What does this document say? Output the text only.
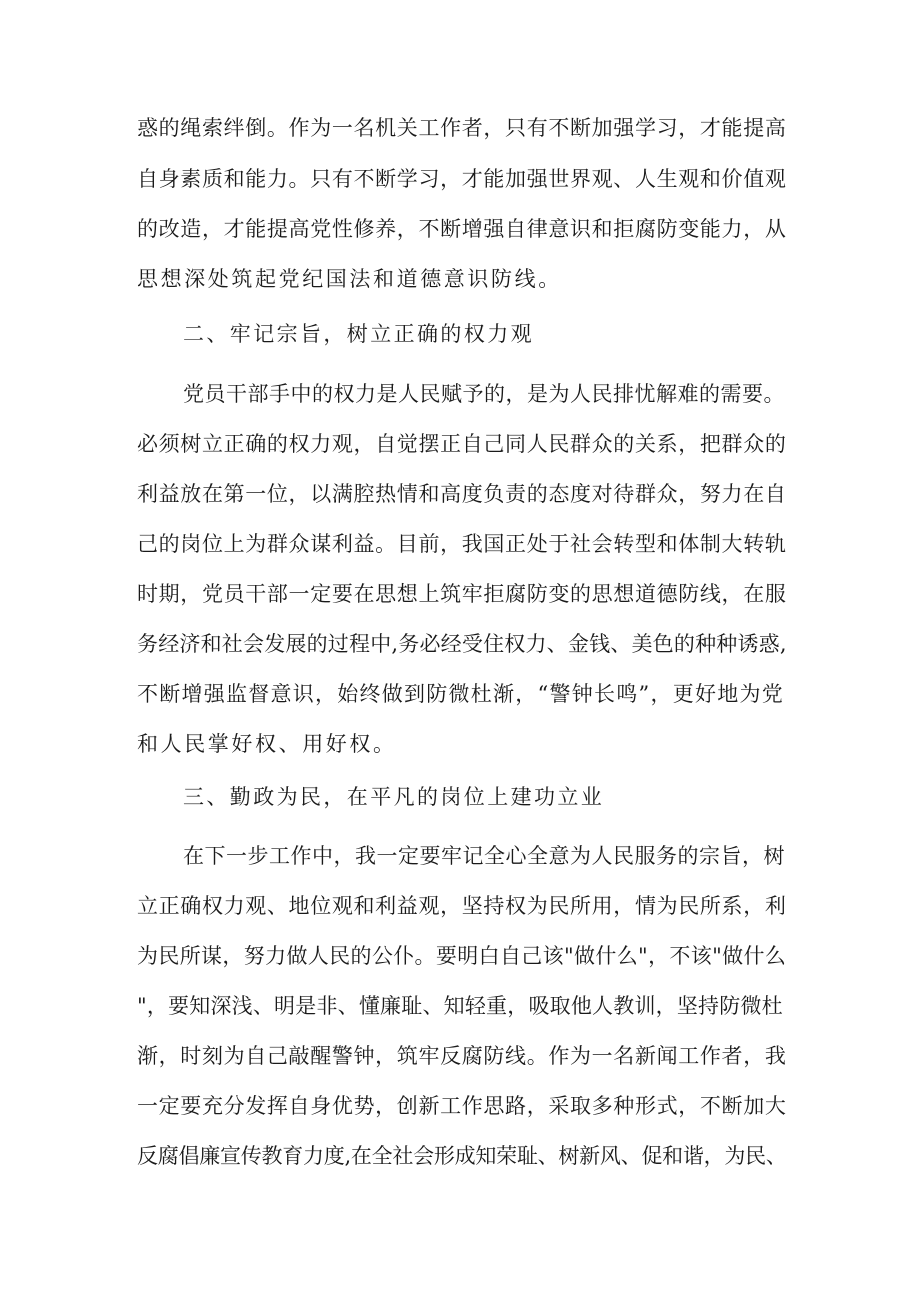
惑的绳索绊倒。作为一名机关工作者，只有不断加强学习，才能提高
自身素质和能力。只有不断学习，才能加强世界观、人生观和价值观
的改造，才能提高党性修养，不断增强自律意识和拒腐防变能力，从
思想深处筑起党纪国法和道德意识防线。
二、牢记宗旨，树立正确的权力观
党员干部手中的权力是人民赋予的，是为人民排忧解难的需要。
必须树立正确的权力观，自觉摆正自己同人民群众的关系，把群众的
利益放在第一位，以满腔热情和高度负责的态度对待群众，努力在自
己的岗位上为群众谋利益。目前，我国正处于社会转型和体制大转轨
时期，党员干部一定要在思想上筑牢拒腐防变的思想道德防线，在服
务经济和社会发展的过程中,务必经受住权力、金钱、美色的种种诱惑,
不断增强监督意识，始终做到防微杜渐，“警钟长鸣”，更好地为党
和人民掌好权、用好权。
三、勤政为民，在平凡的岗位上建功立业
在下一步工作中，我一定要牢记全心全意为人民服务的宗旨，树
立正确权力观、地位观和利益观，坚持权为民所用，情为民所系，利
为民所谋，努力做人民的公仆。要明白自己该"做什么"，不该"做什么
"，要知深浅、明是非、懂廉耻、知轻重，吸取他人教训，坚持防微杜
渐，时刻为自己敲醒警钟，筑牢反腐防线。作为一名新闻工作者，我
一定要充分发挥自身优势，创新工作思路，采取多种形式，不断加大
反腐倡廉宣传教育力度,在全社会形成知荣耻、树新风、促和谐，为民、
